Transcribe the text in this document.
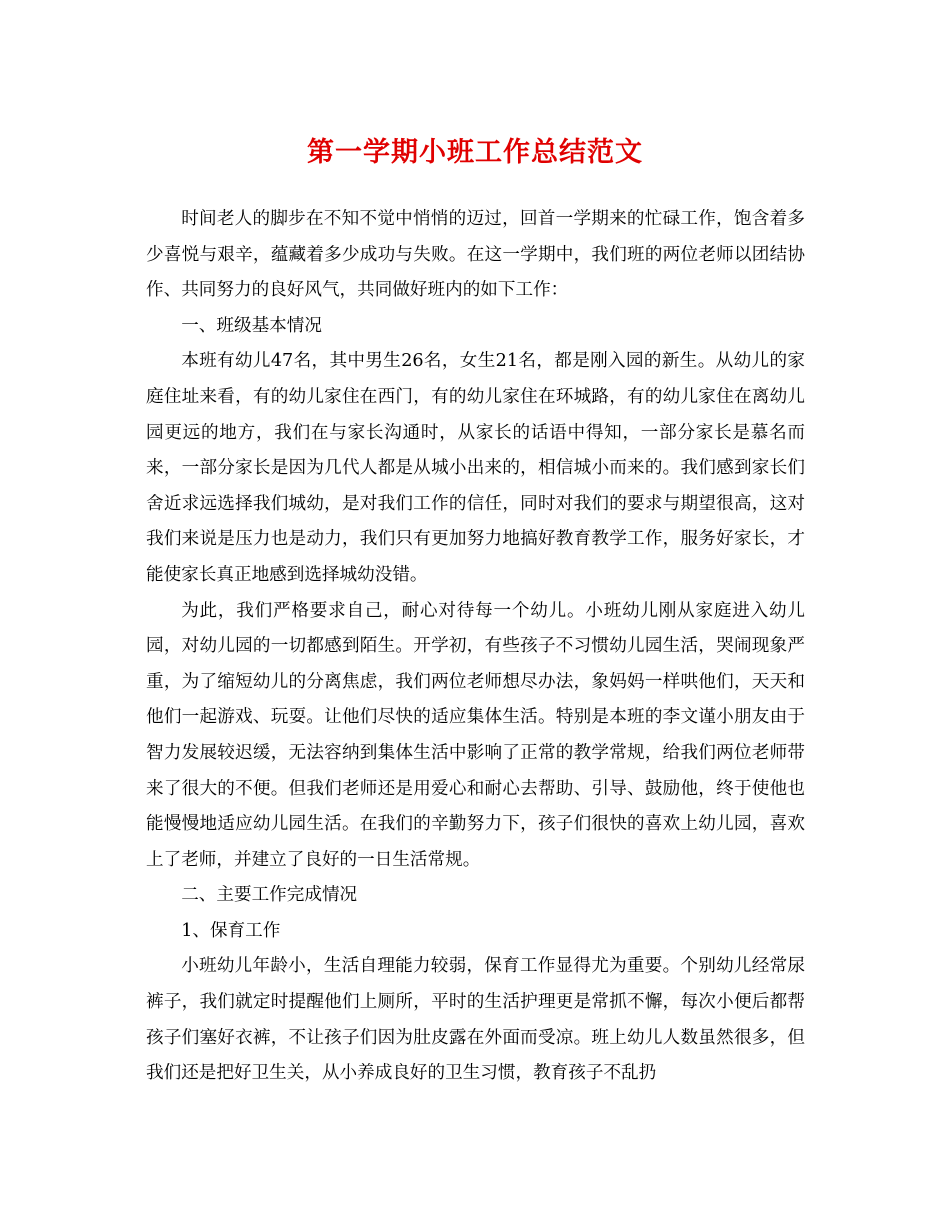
第一学期小班工作总结范文

时间老人的脚步在不知不觉中悄悄的迈过，回首一学期来的忙碌工作，饱含着多少喜悦与艰辛，蕴藏着多少成功与失败。在这一学期中，我们班的两位老师以团结协作、共同努力的良好风气，共同做好班内的如下工作：

一、班级基本情况

本班有幼儿47名，其中男生26名，女生21名，都是刚入园的新生。从幼儿的家庭住址来看，有的幼儿家住在西门，有的幼儿家住在环城路，有的幼儿家住在离幼儿园更远的地方，我们在与家长沟通时，从家长的话语中得知，一部分家长是慕名而来，一部分家长是因为几代人都是从城小出来的，相信城小而来的。我们感到家长们舍近求远选择我们城幼，是对我们工作的信任，同时对我们的要求与期望很高，这对我们来说是压力也是动力，我们只有更加努力地搞好教育教学工作，服务好家长，才能使家长真正地感到选择城幼没错。

为此，我们严格要求自己，耐心对待每一个幼儿。小班幼儿刚从家庭进入幼儿园，对幼儿园的一切都感到陌生。开学初，有些孩子不习惯幼儿园生活，哭闹现象严重，为了缩短幼儿的分离焦虑，我们两位老师想尽办法，象妈妈一样哄他们，天天和他们一起游戏、玩耍。让他们尽快的适应集体生活。特别是本班的李文谨小朋友由于智力发展较迟缓，无法容纳到集体生活中影响了正常的教学常规，给我们两位老师带来了很大的不便。但我们老师还是用爱心和耐心去帮助、引导、鼓励他，终于使他也能慢慢地适应幼儿园生活。在我们的辛勤努力下，孩子们很快的喜欢上幼儿园，喜欢上了老师，并建立了良好的一日生活常规。

二、主要工作完成情况

1、保育工作

小班幼儿年龄小，生活自理能力较弱，保育工作显得尤为重要。个别幼儿经常尿裤子，我们就定时提醒他们上厕所，平时的生活护理更是常抓不懈，每次小便后都帮孩子们塞好衣裤，不让孩子们因为肚皮露在外面而受凉。班上幼儿人数虽然很多，但我们还是把好卫生关，从小养成良好的卫生习惯，教育孩子不乱扔
